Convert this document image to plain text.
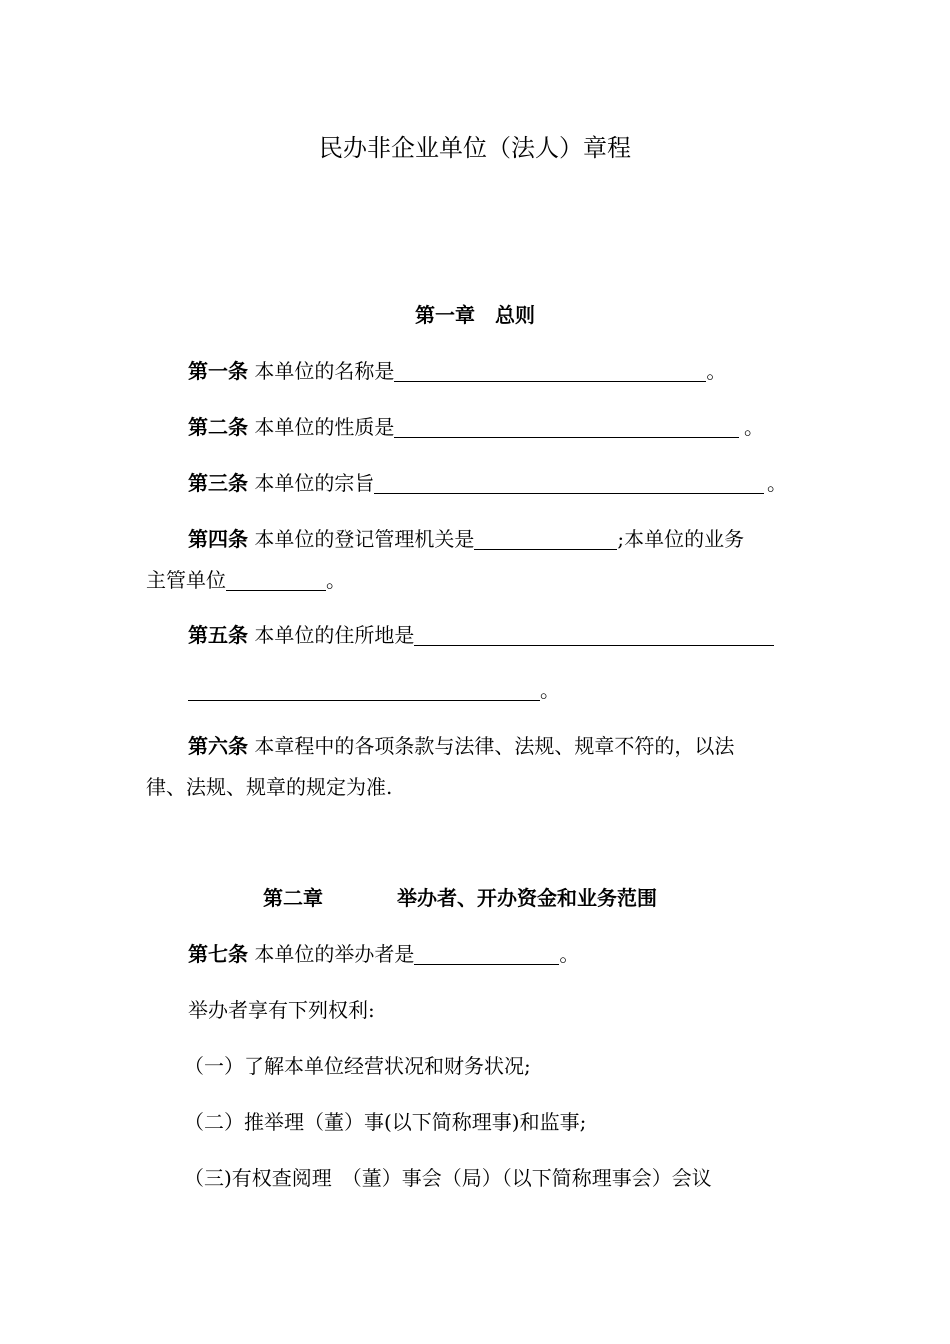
民办非企业单位（法人）章程
第一章　总则
第一条 本单位的名称是	。
第二条 本单位的性质是
第三条 本单位的宗旨
。
。
第四条 本单位的登记管理机关是	;本单位的业务
主管单位	。
第五条 本单位的住所地是
。
第六条 本章程中的各项条款与法律、法规、规章不符的，以法
律、法规、规章的规定为准.
第二章	举办者、开办资金和业务范围
第七条 本单位的举办者是	。
举办者享有下列权利:
（一）了解本单位经营状况和财务状况;
（二）推举理（董）事(以下简称理事)和监事;
（三)有权查阅理　（董）事会（局）（以下简称理事会）会议
